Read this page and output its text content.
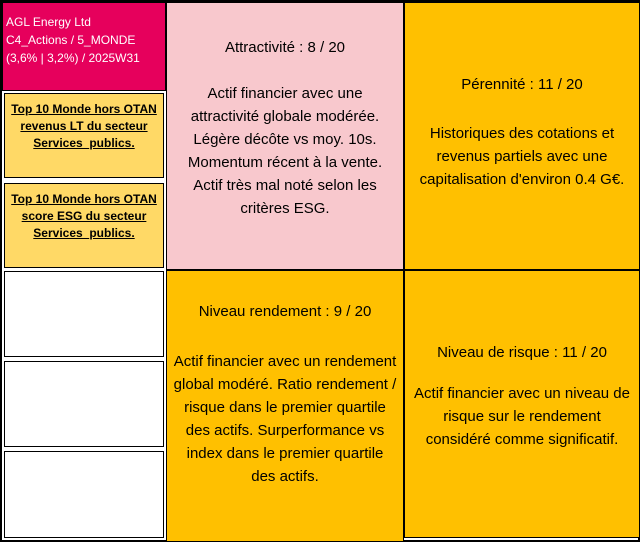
AGL Energy Ltd
C4_Actions / 5_MONDE
(3,6% | 3,2%) / 2025W31
Top 10 Monde hors OTAN revenus LT du secteur Services_publics.
Top 10 Monde hors OTAN score ESG du secteur Services_publics.
Attractivité : 8 / 20
Actif financier avec une attractivité globale modérée. Légère décôte vs moy. 10s. Momentum récent à la vente. Actif très mal noté selon les critères ESG.
Pérennité : 11 / 20
Historiques des cotations et revenus partiels avec une capitalisation d'environ 0.4 G€.
Niveau rendement : 9 / 20
Actif financier avec un rendement global modéré. Ratio rendement / risque dans le premier quartile des actifs. Surperformance vs index dans le premier quartile des actifs.
Niveau de risque : 11 / 20
Actif financier avec un niveau de risque sur le rendement considéré comme significatif.
